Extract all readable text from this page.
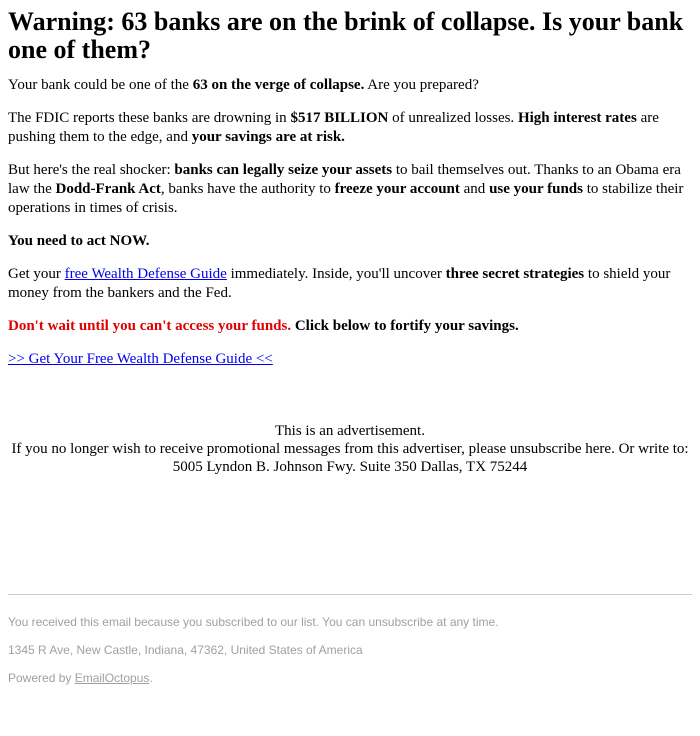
Warning: 63 banks are on the brink of collapse. Is your bank one of them?

Your bank could be one of the 63 on the verge of collapse. Are you prepared?

The FDIC reports these banks are drowning in $517 BILLION of unrealized losses. High interest rates are pushing them to the edge, and your savings are at risk.

But here's the real shocker: banks can legally seize your assets to bail themselves out. Thanks to an Obama era law the Dodd-Frank Act, banks have the authority to freeze your account and use your funds to stabilize their operations in times of crisis.

You need to act NOW.

Get your free Wealth Defense Guide immediately. Inside, you'll uncover three secret strategies to shield your money from the bankers and the Fed.

Don't wait until you can't access your funds. Click below to fortify your savings.

>> Get Your Free Wealth Defense Guide <<

This is an advertisement.
If you no longer wish to receive promotional messages from this advertiser, please unsubscribe here. Or write to: 5005 Lyndon B. Johnson Fwy. Suite 350 Dallas, TX 75244
You received this email because you subscribed to our list. You can unsubscribe at any time.
1345 R Ave, New Castle, Indiana, 47362, United States of America
Powered by EmailOctopus.
